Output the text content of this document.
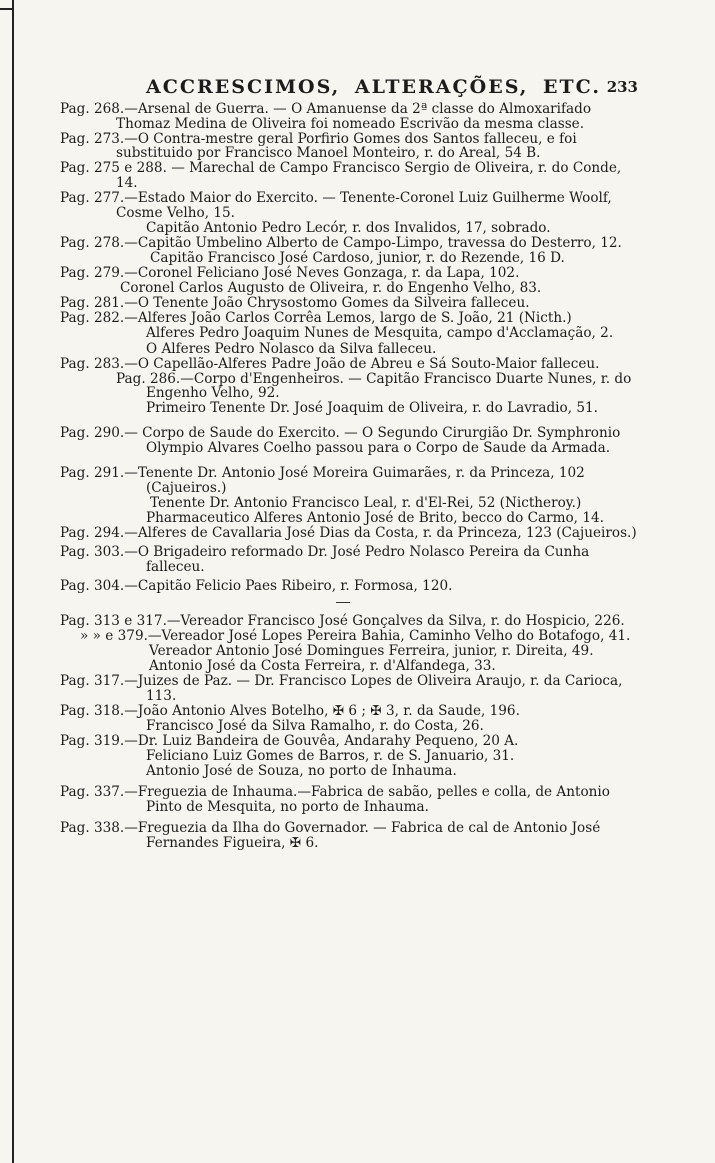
ACCRESCIMOS, ALTERAÇÕES, ETC. 233
Pag. 268.—Arsenal de Guerra. — O Amanuense da 2ª classe do Almoxarifado Thomaz Medina de Oliveira foi nomeado Escrivão da mesma classe.
Pag. 273.—O Contra-mestre geral Porfirio Gomes dos Santos falleceu, e foi substituido por Francisco Manoel Monteiro, r. do Areal, 54 B.
Pag. 275 e 288. — Marechal de Campo Francisco Sergio de Oliveira, r. do Conde, 14.
Pag. 277.—Estado Maior do Exercito. — Tenente-Coronel Luiz Guilherme Woolf, Cosme Velho, 15.
Capitão Antonio Pedro Lecór, r. dos Invalidos, 17, sobrado.
Pag. 278.—Capitão Umbelino Alberto de Campo-Limpo, travessa do Desterro, 12.
Capitão Francisco José Cardoso, junior, r. do Rezende, 16 D.
Pag. 279.—Coronel Feliciano José Neves Gonzaga, r. da Lapa, 102.
Coronel Carlos Augusto de Oliveira, r. do Engenho Velho, 83.
Pag. 281.—O Tenente João Chrysostomo Gomes da Silveira falleceu.
Pag. 282.—Alferes João Carlos Corrêa Lemos, largo de S. João, 21 (Nicth.)
Alferes Pedro Joaquim Nunes de Mesquita, campo d'Acclamação, 2.
O Alferes Pedro Nolasco da Silva falleceu.
Pag. 283.—O Capellão-Alferes Padre João de Abreu e Sá Souto-Maior falleceu.
Pag. 286.—Corpo d'Engenheiros. — Capitão Francisco Duarte Nunes, r. do Engenho Velho, 92.
Primeiro Tenente Dr. José Joaquim de Oliveira, r. do Lavradio, 51.
Pag. 290.— Corpo de Saude do Exercito. — O Segundo Cirurgião Dr. Symphronio Olympio Alvares Coelho passou para o Corpo de Saude da Armada.
Pag. 291.—Tenente Dr. Antonio José Moreira Guimarães, r. da Princeza, 102 (Cajueiros.)
Tenente Dr. Antonio Francisco Leal, r. d'El-Rei, 52 (Nictheroy.)
Pharmaceutico Alferes Antonio José de Brito, becco do Carmo, 14.
Pag. 294.—Alferes de Cavallaria José Dias da Costa, r. da Princeza, 123 (Cajueiros.)
Pag. 303.—O Brigadeiro reformado Dr. José Pedro Nolasco Pereira da Cunha falleceu.
Pag. 304.—Capitão Felicio Paes Ribeiro, r. Formosa, 120.
Pag. 313 e 317.—Vereador Francisco José Gonçalves da Silva, r. do Hospicio, 226.
» » e 379.—Vereador José Lopes Pereira Bahia, Caminho Velho do Botafogo, 41.
Vereador Antonio José Domingues Ferreira, junior, r. Direita, 49.
Antonio José da Costa Ferreira, r. d'Alfandega, 33.
Pag. 317.—Juizes de Paz. — Dr. Francisco Lopes de Oliveira Araujo, r. da Carioca, 113.
Pag. 318.—João Antonio Alves Botelho, ✠ 6 ; ✠ 3, r. da Saude, 196.
Francisco José da Silva Ramalho, r. do Costa, 26.
Pag. 319.—Dr. Luiz Bandeira de Gouvêa, Andarahy Pequeno, 20 A.
Feliciano Luiz Gomes de Barros, r. de S. Januario, 31.
Antonio José de Souza, no porto de Inhauma.
Pag. 337.—Freguezia de Inhauma.—Fabrica de sabão, pelles e colla, de Antonio Pinto de Mesquita, no porto de Inhauma.
Pag. 338.—Freguezia da Ilha do Governador. — Fabrica de cal de Antonio José Fernandes Figueira, ✠ 6.
